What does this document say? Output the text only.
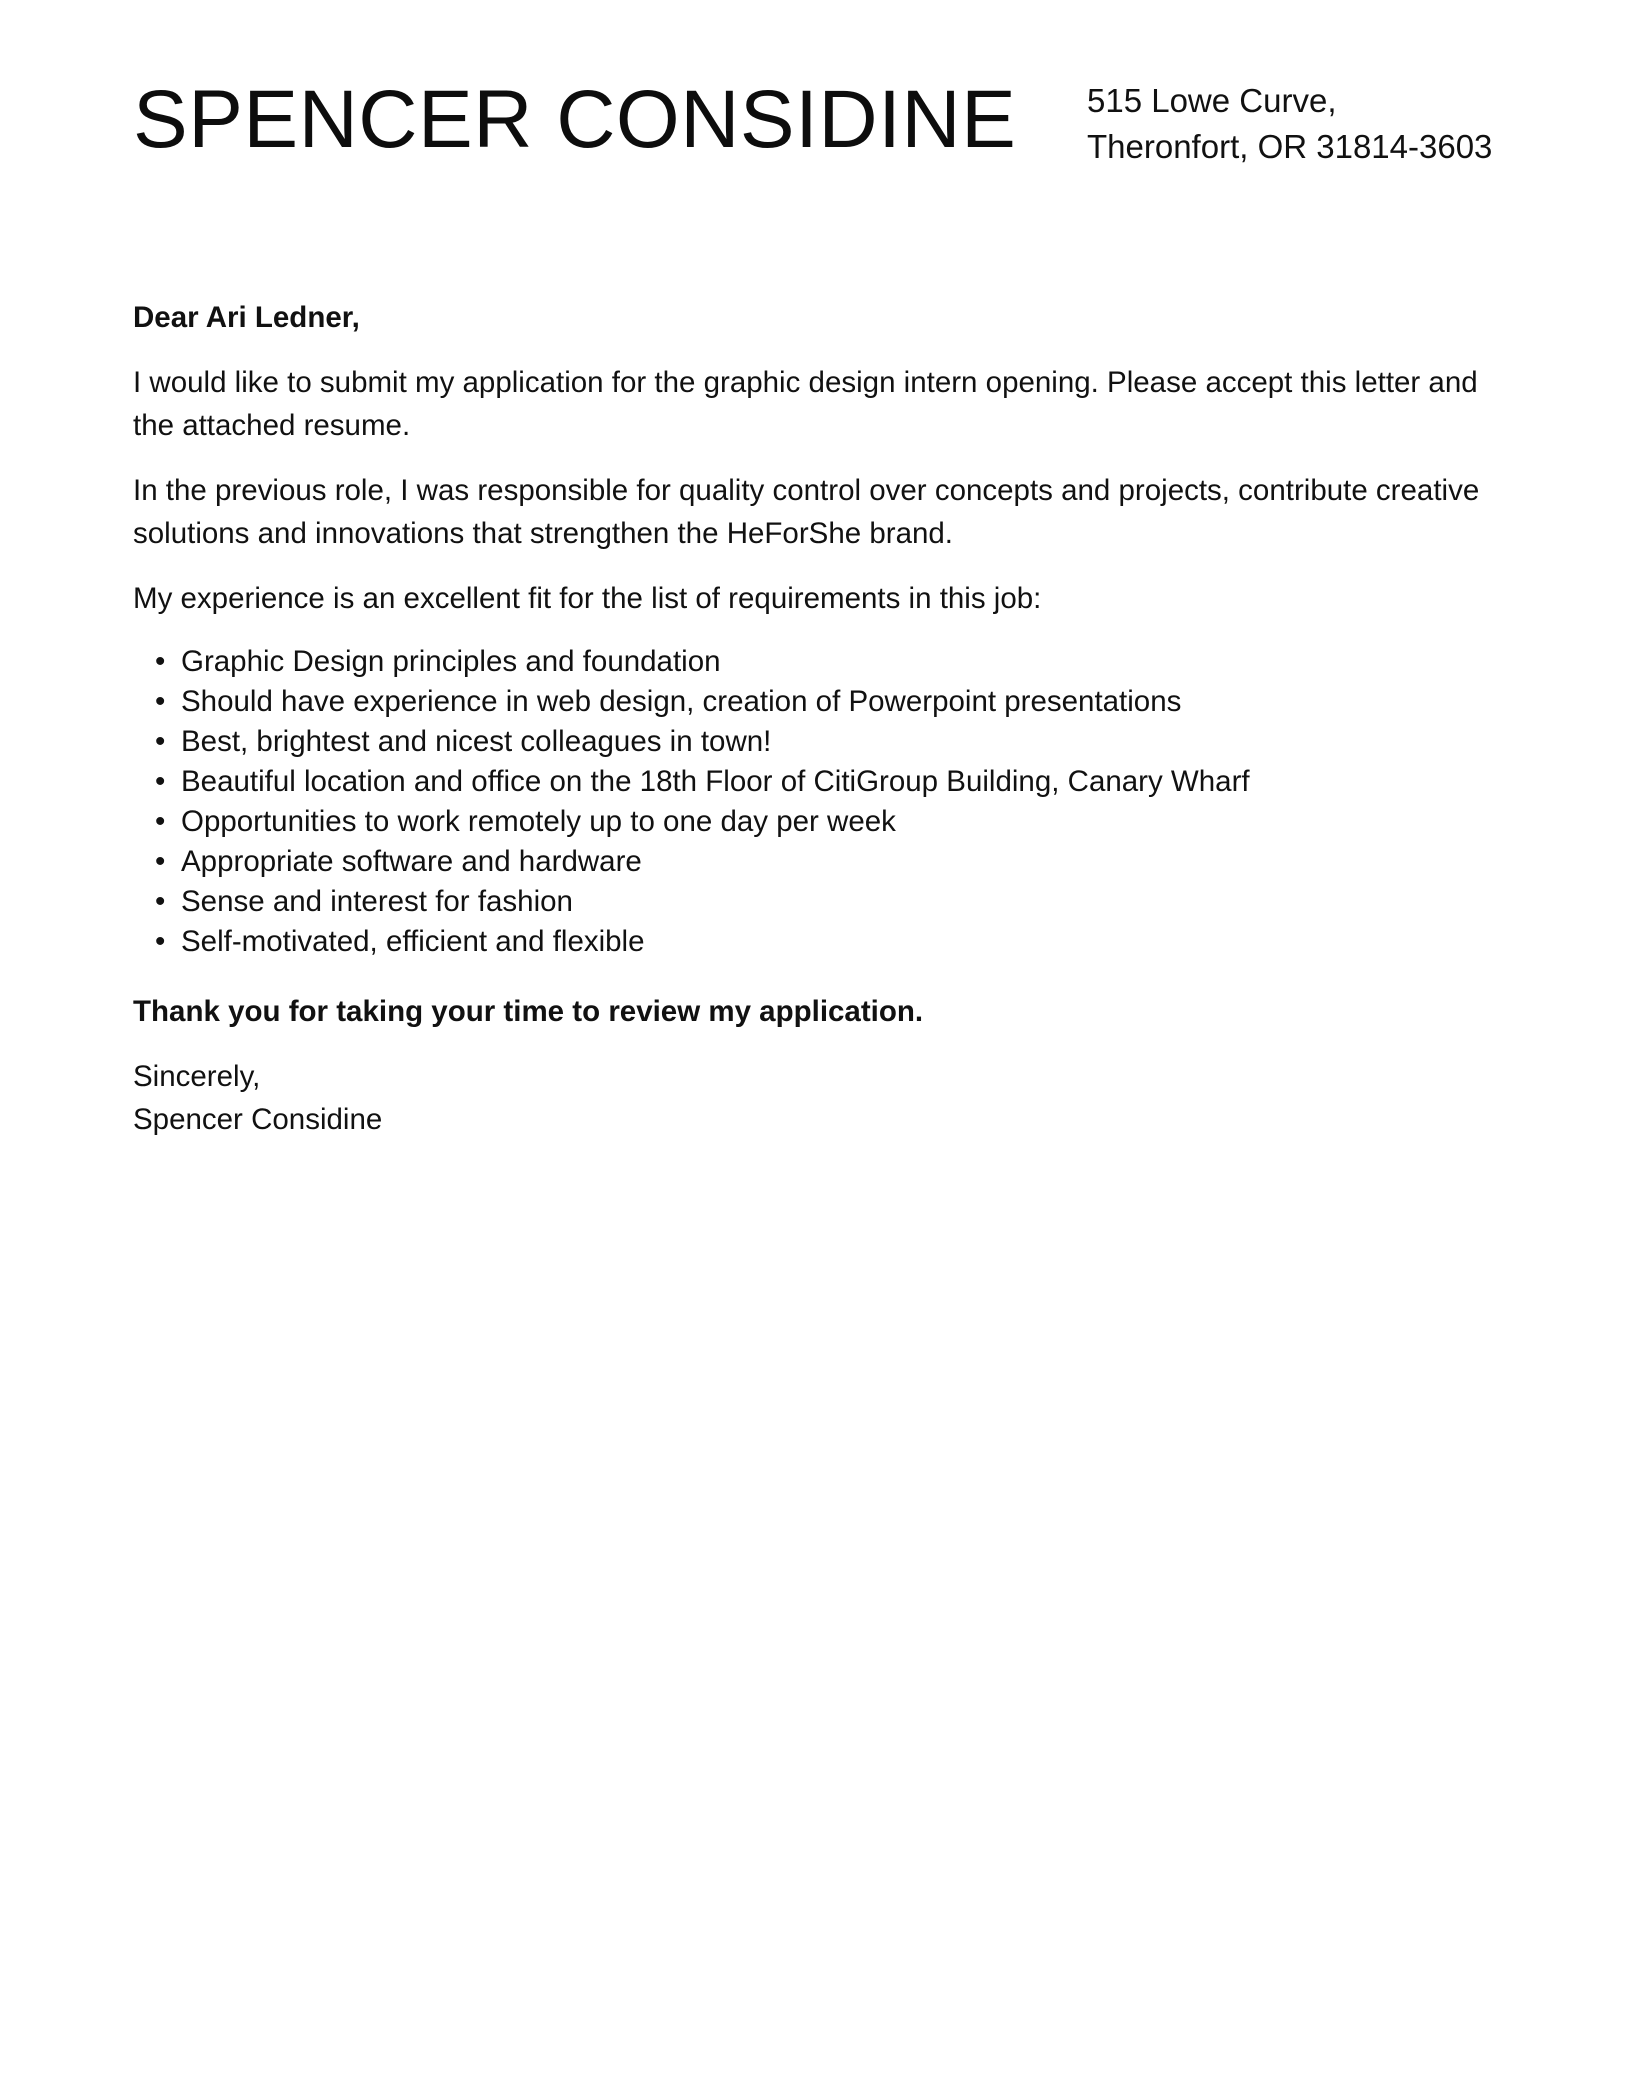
SPENCER CONSIDINE 515 Lowe Curve,
Theronfort, OR 31814-3603

Dear Ari Ledner,

I would like to submit my application for the graphic design intern opening. Please accept this letter and the attached resume.

In the previous role, I was responsible for quality control over concepts and projects, contribute creative solutions and innovations that strengthen the HeForShe brand.

My experience is an excellent fit for the list of requirements in this job:

• Graphic Design principles and foundation
• Should have experience in web design, creation of Powerpoint presentations
• Best, brightest and nicest colleagues in town!
• Beautiful location and office on the 18th Floor of CitiGroup Building, Canary Wharf
• Opportunities to work remotely up to one day per week
• Appropriate software and hardware
• Sense and interest for fashion
• Self-motivated, efficient and flexible

Thank you for taking your time to review my application.

Sincerely,
Spencer Considine
